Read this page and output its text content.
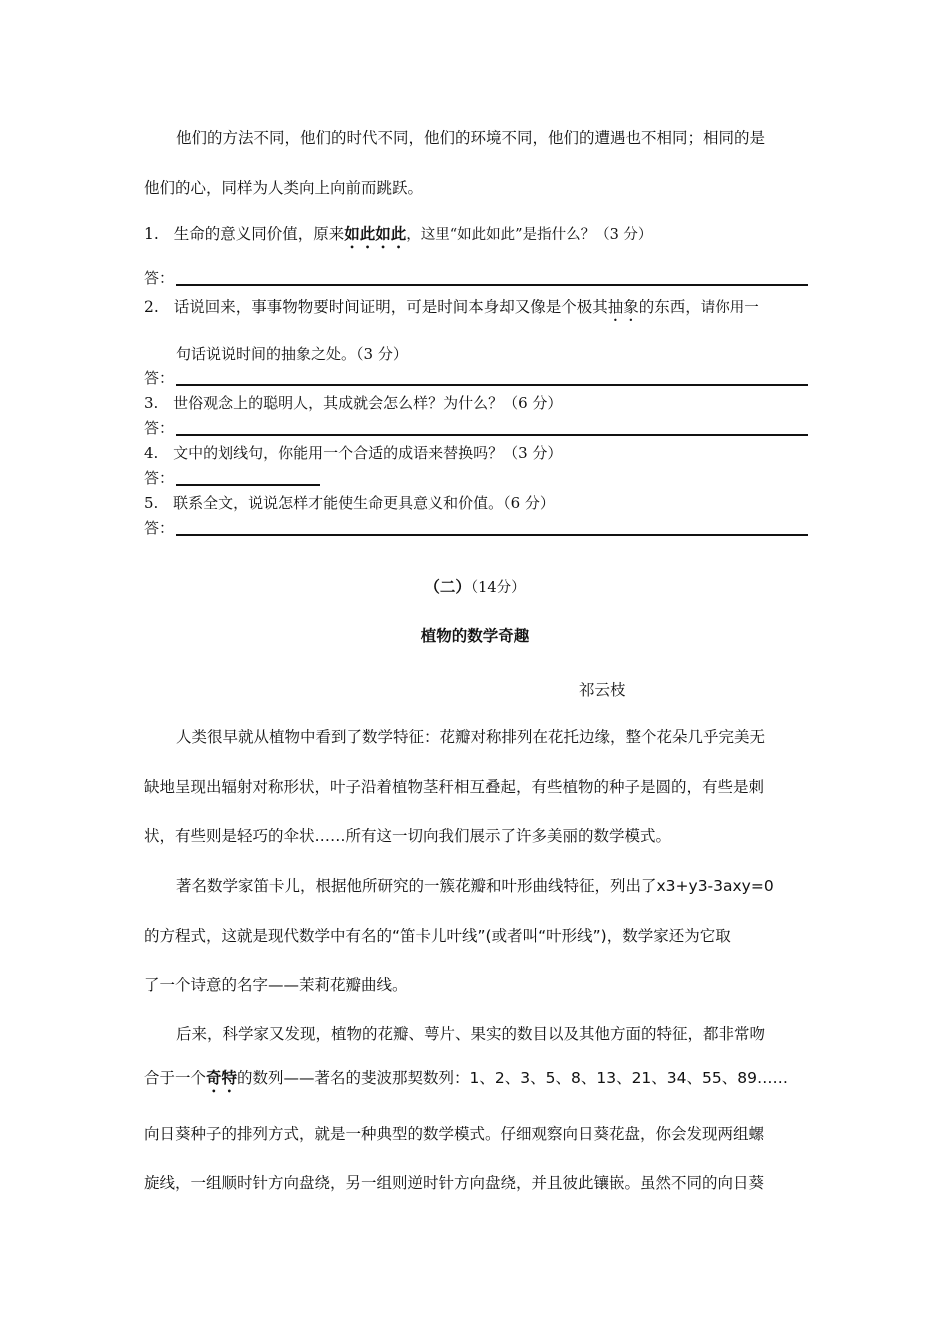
他们的方法不同，他们的时代不同，他们的环境不同，他们的遭遇也不相同；相同的是
他们的心，同样为人类向上向前而跳跃。
1. 生命的意义同价值，原来如此如此，这里“如此如此”是指什么？（3 分）
答：
2. 话说回来，事事物物要时间证明，可是时间本身却又像是个极其抽象的东西，请你用一
句话说说时间的抽象之处。（3 分）
答：
3. 世俗观念上的聪明人，其成就会怎么样？为什么？（6 分）
答：
4. 文中的划线句，你能用一个合适的成语来替换吗？（3 分）
答：
5. 联系全文，说说怎样才能使生命更具意义和价值。（6 分）
答：
（二）（14分）
植物的数学奇趣
祁云枝
人类很早就从植物中看到了数学特征：花瓣对称排列在花托边缘，整个花朵几乎完美无
缺地呈现出辐射对称形状，叶子沿着植物茎秆相互叠起，有些植物的种子是圆的，有些是刺
状，有些则是轻巧的伞状……所有这一切向我们展示了许多美丽的数学模式。
著名数学家笛卡儿，根据他所研究的一簇花瓣和叶形曲线特征，列出了x3+y3-3axy=0
的方程式，这就是现代数学中有名的“笛卡儿叶线”(或者叫“叶形线”)，数学家还为它取
了一个诗意的名字——茉莉花瓣曲线。
后来，科学家又发现，植物的花瓣、萼片、果实的数目以及其他方面的特征，都非常吻
合于一个奇特的数列——著名的斐波那契数列：1、2、3、5、8、13、21、34、55、89……
向日葵种子的排列方式，就是一种典型的数学模式。仔细观察向日葵花盘，你会发现两组螺
旋线，一组顺时针方向盘绕，另一组则逆时针方向盘绕，并且彼此镶嵌。虽然不同的向日葵
